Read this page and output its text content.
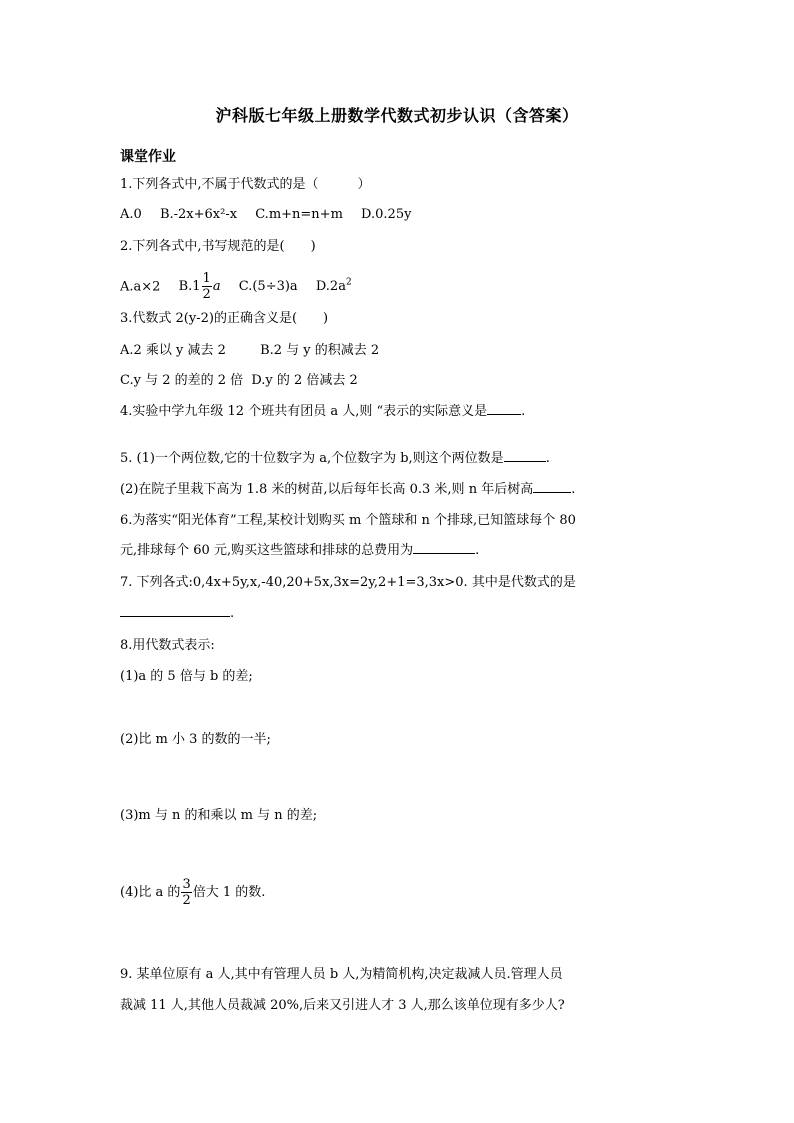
沪科版七年级上册数学代数式初步认识（含答案）
课堂作业
1.下列各式中,不属于代数式的是（　　　）
A.0 B.-2x+6x²-x C.m+n=n+m D.0.25y
2.下列各式中,书写规范的是(　　)
A.a×2 $B.1 \frac{1}{2}$ a C.(5÷3)a $D.2a^2$
3.代数式 2(y-2)的正确含义是(　　)
A.2 乘以 y 减去 2	B.2 与 y 的积减去 2
C.y 与 2 的差的 2 倍 D.y 的 2 倍减去 2
4.实验中学九年级 12 个班共有团员 a 人,则 “表示的实际意义是	.
5. (1)一个两位数,它的十位数字为 a,个位数字为 b,则这个两位数是	.
(2)在院子里栽下高为 1.8 米的树苗,以后每年长高 0.3 米,则 n 年后树高	.
6.为落实“阳光体育”工程,某校计划购买 m 个篮球和 n 个排球,已知篮球每个 80
元,排球每个 60 元,购买这些篮球和排球的总费用为	.
7. 下列各式:0,4x+5y,x,-40,20+5x,3x=2y,2+1=3,3x>0. 其中是代数式的是
.
8.用代数式表示:
(1)a 的 5 倍与 b 的差;
(2)比 m 小 3 的数的一半;
(3)m 与 n 的和乘以 m 与 n 的差;
(4)比 a 的 $\frac{3}{2}$ 倍大 1 的数.
9. 某单位原有 a 人,其中有管理人员 b 人,为精简机构,决定裁减人员.管理人员
裁减 11 人,其他人员裁减 20%,后来又引进人才 3 人,那么该单位现有多少人?
